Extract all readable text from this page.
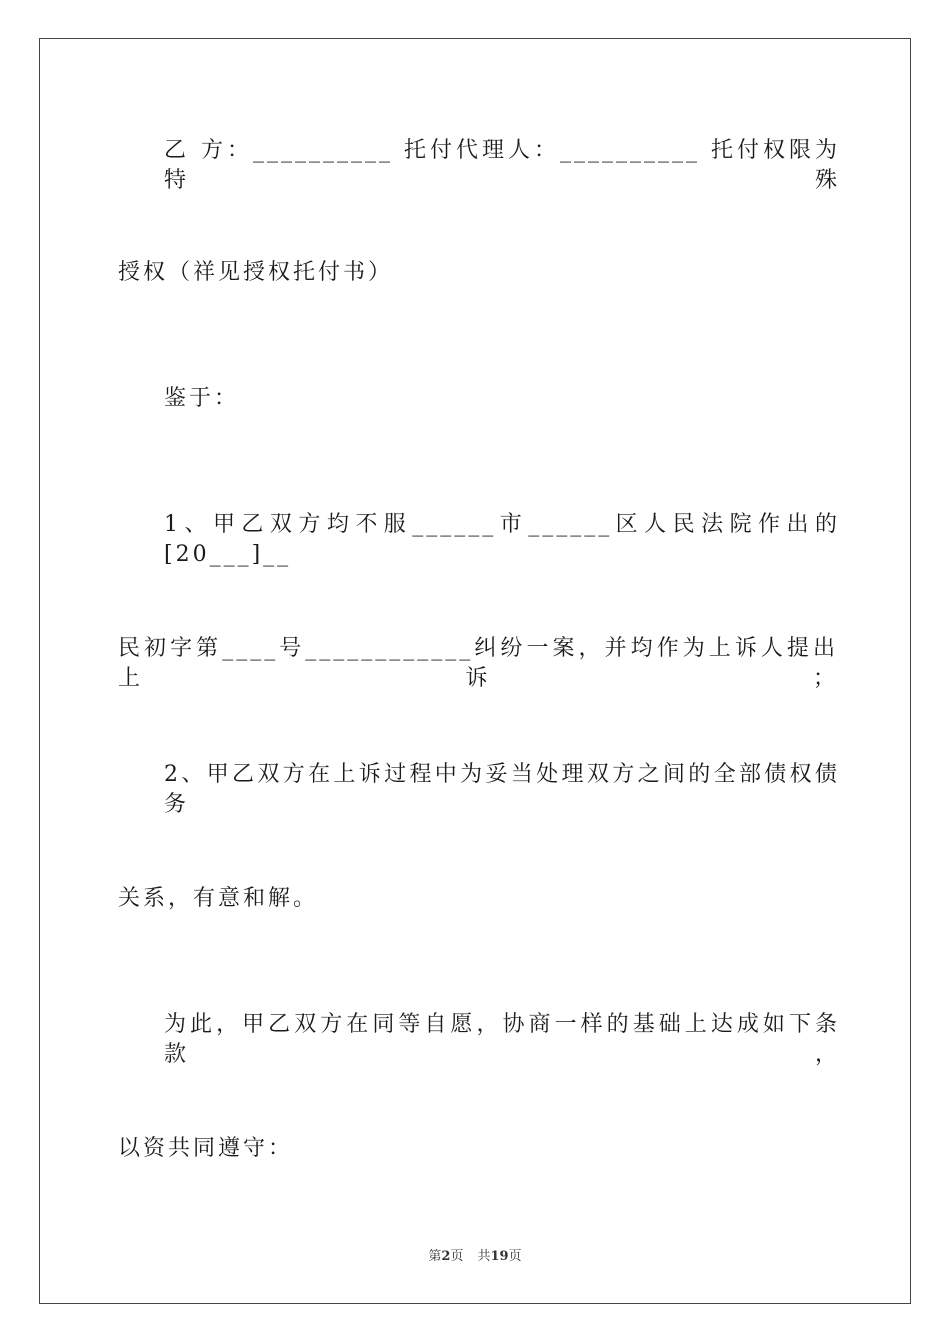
乙 方：__________ 托付代理人：__________ 托付权限为特殊

授权（祥见授权托付书）

鉴于：

1、甲乙双方均不服______市______区人民法院作出的[20___]__

民初字第____号____________纠纷一案，并均作为上诉人提出上诉；

2、甲乙双方在上诉过程中为妥当处理双方之间的全部债权债务

关系，有意和解。

为此，甲乙双方在同等自愿，协商一样的基础上达成如下条款，

以资共同遵守：

第2页 共19页
